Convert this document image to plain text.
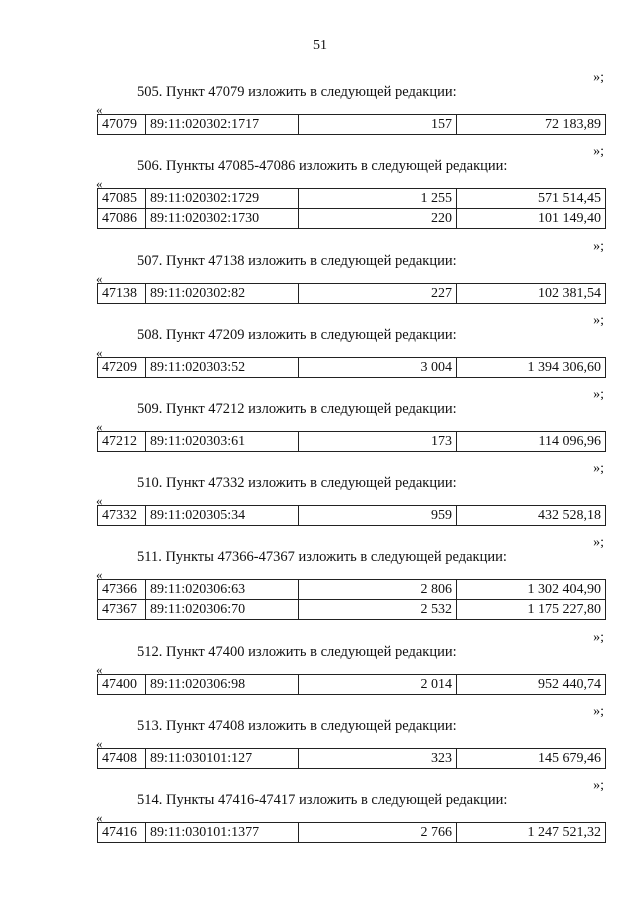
51
»;
505. Пункт 47079 изложить в следующей редакции:
«
47079	89:11:020302:1717	157	72 183,89
»;
506. Пункты 47085-47086 изложить в следующей редакции:
«
47085	89:11:020302:1729	1 255	571 514,45
47086	89:11:020302:1730	220	101 149,40
»;
507. Пункт 47138 изложить в следующей редакции:
«
47138	89:11:020302:82	227	102 381,54
»;
508. Пункт 47209 изложить в следующей редакции:
«
47209	89:11:020303:52	3 004	1 394 306,60
»;
509. Пункт 47212 изложить в следующей редакции:
«
47212	89:11:020303:61	173	114 096,96
»;
510. Пункт 47332 изложить в следующей редакции:
«
47332	89:11:020305:34	959	432 528,18
»;
511. Пункты 47366-47367 изложить в следующей редакции:
«
47366	89:11:020306:63	2 806	1 302 404,90
47367	89:11:020306:70	2 532	1 175 227,80
»;
512. Пункт 47400 изложить в следующей редакции:
«
47400	89:11:020306:98	2 014	952 440,74
»;
513. Пункт 47408 изложить в следующей редакции:
«
47408	89:11:030101:127	323	145 679,46
»;
514. Пункты 47416-47417 изложить в следующей редакции:
«
47416	89:11:030101:1377	2 766	1 247 521,32
